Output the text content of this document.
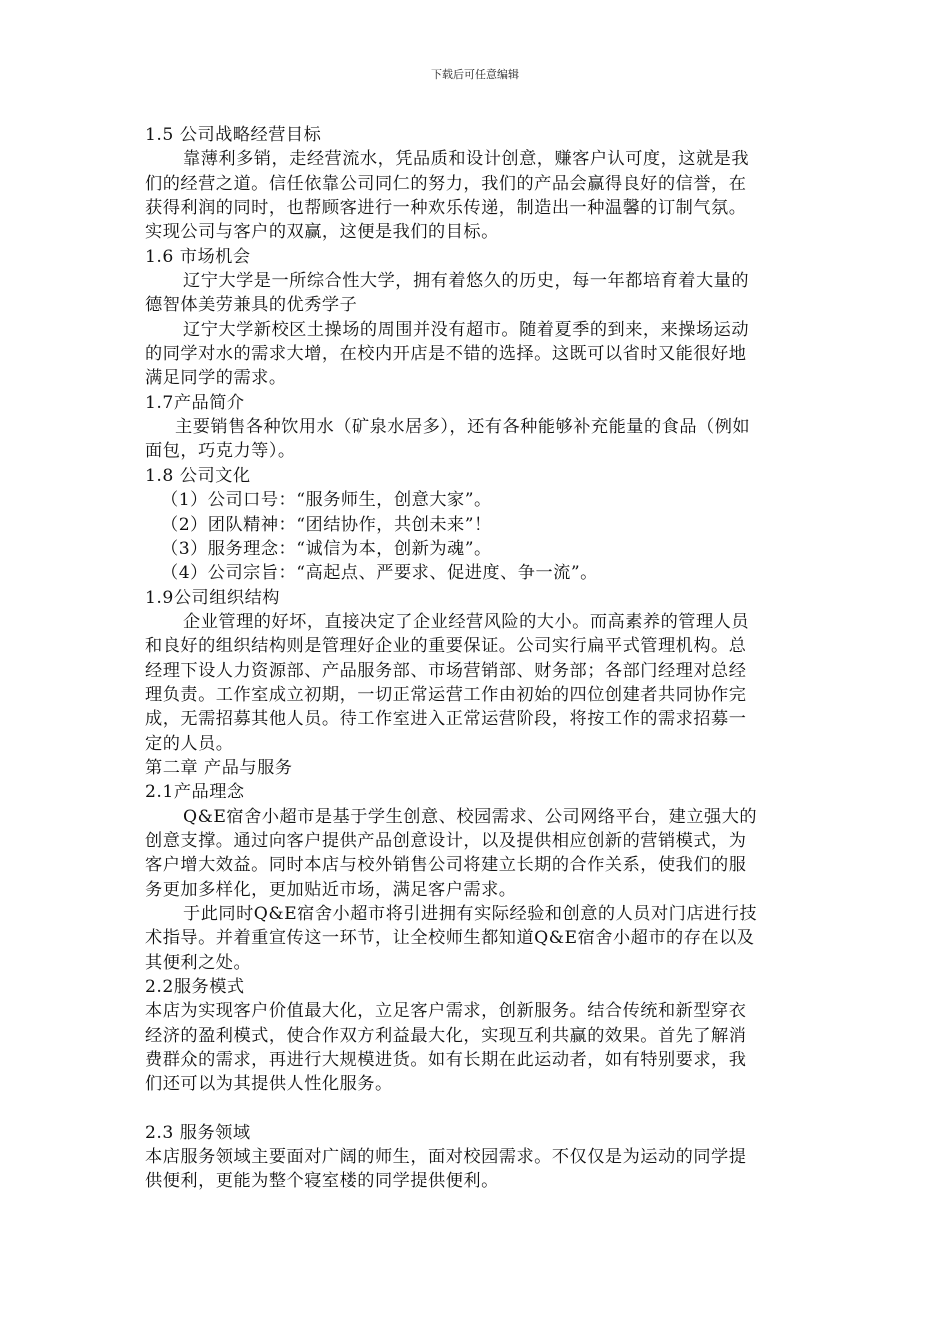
下载后可任意编辑

1.5 公司战略经营目标

靠薄利多销，走经营流水，凭品质和设计创意，赚客户认可度，这就是我

们的经营之道。信任依靠公司同仁的努力，我们的产品会赢得良好的信誉，在

获得利润的同时，也帮顾客进行一种欢乐传递，制造出一种温馨的订制气氛。

实现公司与客户的双赢，这便是我们的目标。

1.6 市场机会

辽宁大学是一所综合性大学，拥有着悠久的历史，每一年都培育着大量的

德智体美劳兼具的优秀学子

辽宁大学新校区土操场的周围并没有超市。随着夏季的到来，来操场运动

的同学对水的需求大增，在校内开店是不错的选择。这既可以省时又能很好地

满足同学的需求。

1.7产品简介

主要销售各种饮用水（矿泉水居多），还有各种能够补充能量的食品（例如

面包，巧克力等）。

1.8 公司文化

（1）公司口号：“服务师生，创意大家”。

（2）团队精神：“团结协作，共创未来”！

（3）服务理念：“诚信为本，创新为魂”。

（4）公司宗旨：“高起点、严要求、促进度、争一流”。

1.9公司组织结构

企业管理的好坏，直接决定了企业经营风险的大小。而高素养的管理人员

和良好的组织结构则是管理好企业的重要保证。公司实行扁平式管理机构。总

经理下设人力资源部、产品服务部、市场营销部、财务部；各部门经理对总经

理负责。工作室成立初期，一切正常运营工作由初始的四位创建者共同协作完

成，无需招募其他人员。待工作室进入正常运营阶段，将按工作的需求招募一

定的人员。

第二章 产品与服务

2.1产品理念

Q&E宿舍小超市是基于学生创意、校园需求、公司网络平台，建立强大的

创意支撑。通过向客户提供产品创意设计，以及提供相应创新的营销模式，为

客户增大效益。同时本店与校外销售公司将建立长期的合作关系，使我们的服

务更加多样化，更加贴近市场，满足客户需求。

于此同时Q&E宿舍小超市将引进拥有实际经验和创意的人员对门店进行技

术指导。并着重宣传这一环节，让全校师生都知道Q&E宿舍小超市的存在以及

其便利之处。

2.2服务模式

本店为实现客户价值最大化，立足客户需求，创新服务。结合传统和新型穿衣

经济的盈利模式，使合作双方利益最大化，实现互利共赢的效果。首先了解消

费群众的需求，再进行大规模进货。如有长期在此运动者，如有特别要求，我

们还可以为其提供人性化服务。

2.3 服务领域

本店服务领域主要面对广阔的师生，面对校园需求。不仅仅是为运动的同学提

供便利，更能为整个寝室楼的同学提供便利。
